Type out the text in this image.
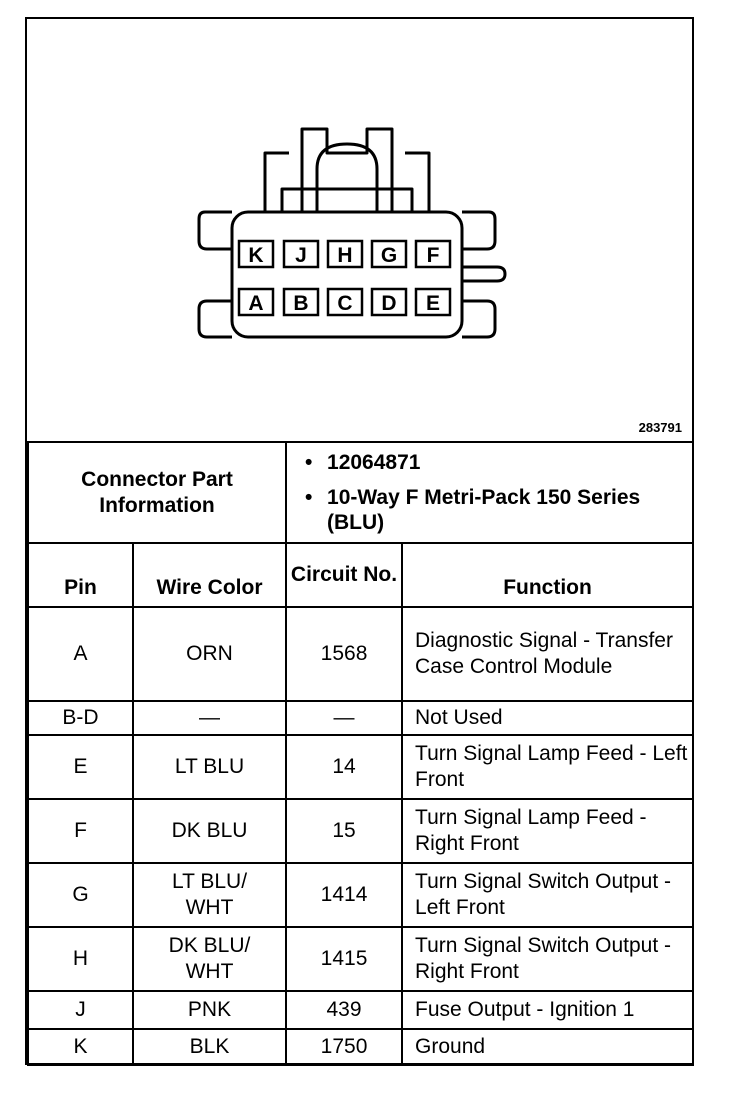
K J H G F
A B C D E
283791
Connector Part Information		• 12064871
• 10-Way F Metri-Pack 150 Series (BLU)

Pin	Wire Color	Circuit No.	Function
A	ORN	1568	Diagnostic Signal - Transfer Case Control Module
B-D	—	—	Not Used
E	LT BLU	14	Turn Signal Lamp Feed - Left Front
F	DK BLU	15	Turn Signal Lamp Feed - Right Front
G	LT BLU/ WHT	1414	Turn Signal Switch Output - Left Front
H	DK BLU/ WHT	1415	Turn Signal Switch Output - Right Front
J	PNK	439	Fuse Output - Ignition 1
K	BLK	1750	Ground
